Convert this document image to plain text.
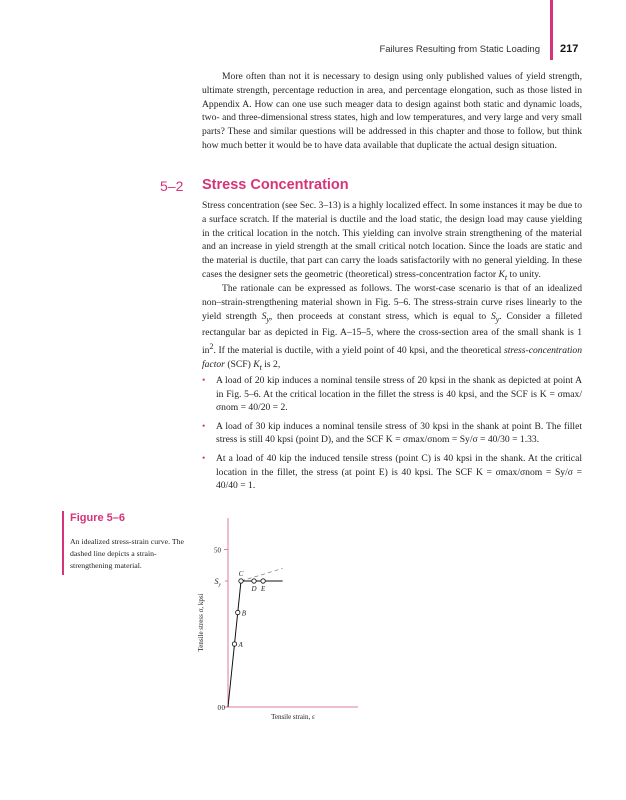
Failures Resulting from Static Loading 217

More often than not it is necessary to design using only published values of yield strength, ultimate strength, percentage reduction in area, and percentage elongation, such as those listed in Appendix A. How can one use such meager data to design against both static and dynamic loads, two- and three-dimensional stress states, high and low temperatures, and very large and very small parts? These and similar questions will be addressed in this chapter and those to follow, but think how much better it would be to have data available that duplicate the actual design situation.

5–2 Stress Concentration

Stress concentration (see Sec. 3–13) is a highly localized effect. In some instances it may be due to a surface scratch. If the material is ductile and the load static, the design load may cause yielding in the critical location in the notch. This yielding can involve strain strengthening of the material and an increase in yield strength at the small critical notch location. Since the loads are static and the material is ductile, that part can carry the loads satisfactorily with no general yielding. In these cases the designer sets the geometric (theoretical) stress-concentration factor $K_t$ to unity.

The rationale can be expressed as follows. The worst-case scenario is that of an idealized non–strain-strengthening material shown in Fig. 5–6. The stress-strain curve rises linearly to the yield strength $S_y$, then proceeds at constant stress, which is equal to $S_y$. Consider a filleted rectangular bar as depicted in Fig. A–15–5, where the cross-section area of the small shank is 1 $in^2$. If the material is ductile, with a yield point of 40 kpsi, and the theoretical stress-concentration factor (SCF) $K_t$ is 2,

• A load of 20 kip induces a nominal tensile stress of 20 kpsi in the shank as depicted at point A in Fig. 5–6. At the critical location in the fillet the stress is 40 kpsi, and the SCF is K = σmax/σnom = 40/20 = 2.
• A load of 30 kip induces a nominal tensile stress of 30 kpsi in the shank at point B. The fillet stress is still 40 kpsi (point D), and the SCF K = σmax/σnom = Sy/σ = 40/30 = 1.33.
• At a load of 40 kip the induced tensile stress (point C) is 40 kpsi in the shank. At the critical location in the fillet, the stress (at point E) is 40 kpsi. The SCF K = σmax/σnom = Sy/σ = 40/40 = 1.
Figure 5–6

An idealized stress-strain curve. The dashed line depicts a strain-strengthening material.

0
50
$S_y$
A
B
C
D E
0
Tensile strain, ε
Tensile stress σ, kpsi
